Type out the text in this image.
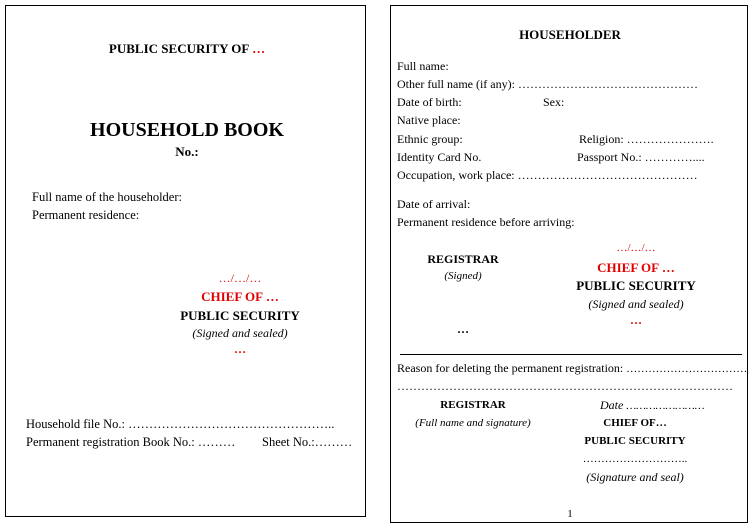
PUBLIC SECURITY OF …
HOUSEHOLD BOOK
No.:
Full name of the householder:
Permanent residence:
…/…/…
CHIEF OF …
PUBLIC SECURITY
(Signed and sealed)
…
Household file No.: …………………………………………..
Permanent registration Book No.: ……… Sheet No.:………
HOUSEHOLDER
Full name:
Other full name (if any): ………………………………………
Date of birth:	Sex:
Native place:
Ethnic group:	Religion: ………………….
Identity Card No.	Passport No.: …………....
Occupation, work place: ………………………………………
Date of arrival:
Permanent residence before arriving:
REGISTRAR
(Signed)
…
…/…/…
CHIEF OF …
PUBLIC SECURITY
(Signed and sealed)
…
Reason for deleting the permanent registration: ……………………………
…………………………………………………………………………
REGISTRAR
(Full name and signature)
Date ……………………
CHIEF OF…
PUBLIC SECURITY
………………………..
(Signature and seal)
1
